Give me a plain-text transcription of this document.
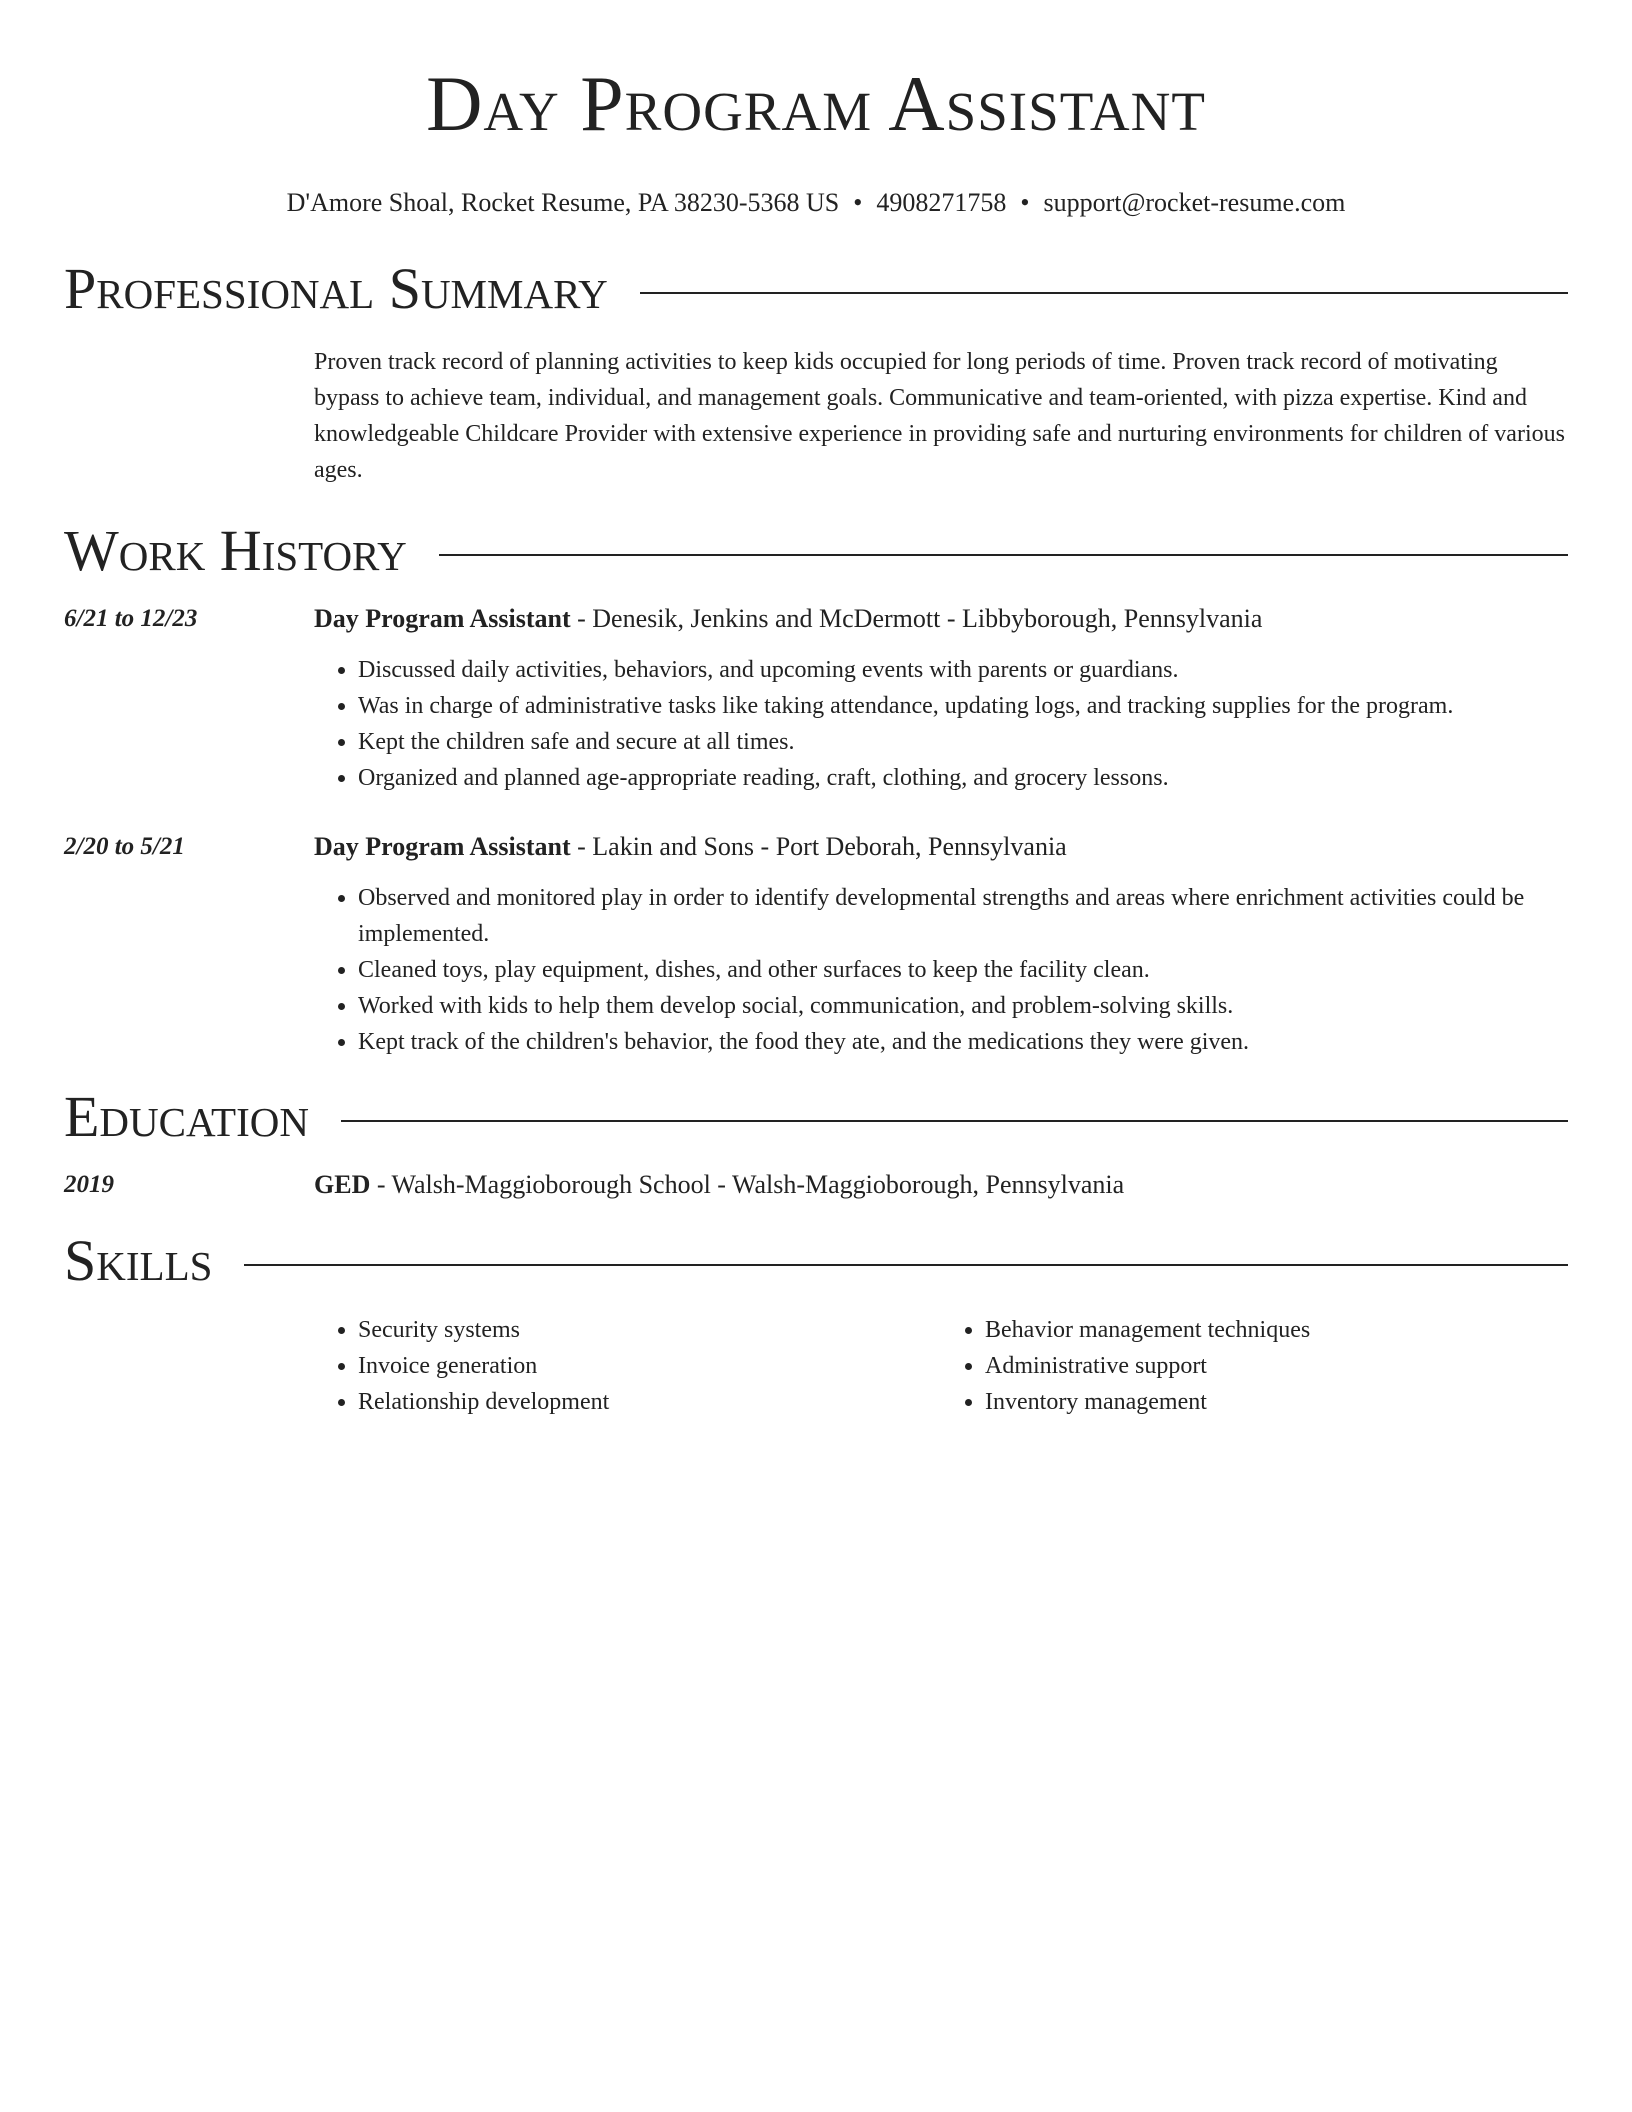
Day Program Assistant
D'Amore Shoal, Rocket Resume, PA 38230-5368 US • 4908271758 • support@rocket-resume.com
Professional Summary
Proven track record of planning activities to keep kids occupied for long periods of time. Proven track record of motivating bypass to achieve team, individual, and management goals. Communicative and team-oriented, with pizza expertise. Kind and knowledgeable Childcare Provider with extensive experience in providing safe and nurturing environments for children of various ages.
Work History
6/21 to 12/23	Day Program Assistant - Denesik, Jenkins and McDermott - Libbyborough, Pennsylvania
• Discussed daily activities, behaviors, and upcoming events with parents or guardians.
• Was in charge of administrative tasks like taking attendance, updating logs, and tracking supplies for the program.
• Kept the children safe and secure at all times.
• Organized and planned age-appropriate reading, craft, clothing, and grocery lessons.
2/20 to 5/21	Day Program Assistant - Lakin and Sons - Port Deborah, Pennsylvania
• Observed and monitored play in order to identify developmental strengths and areas where enrichment activities could be implemented.
• Cleaned toys, play equipment, dishes, and other surfaces to keep the facility clean.
• Worked with kids to help them develop social, communication, and problem-solving skills.
• Kept track of the children's behavior, the food they ate, and the medications they were given.
Education
2019	GED - Walsh-Maggioborough School - Walsh-Maggioborough, Pennsylvania
Skills
• Security systems
• Invoice generation
• Relationship development
• Behavior management techniques
• Administrative support
• Inventory management
